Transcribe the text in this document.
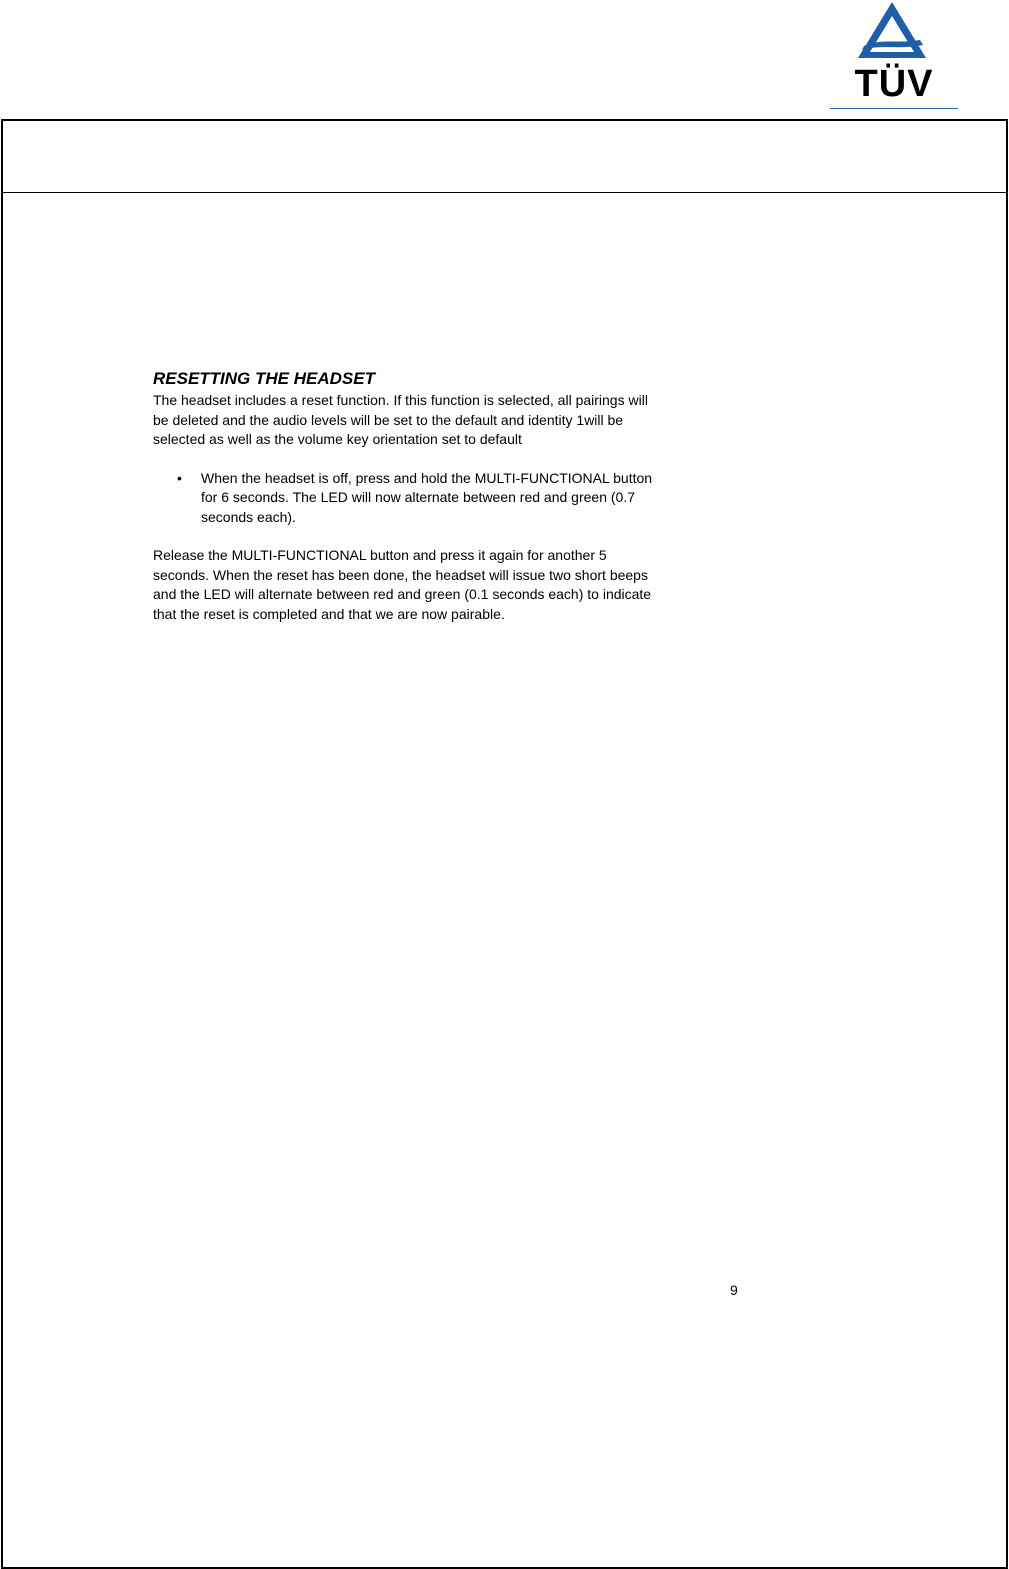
TÜV
RESETTING THE HEADSET

The headset includes a reset function. If this function is selected, all pairings will

be deleted and the audio levels will be set to the default and identity 1will be

selected as well as the volume key orientation set to default

• When the headset is off, press and hold the MULTI-FUNCTIONAL button
for 6 seconds. The LED will now alternate between red and green (0.7
seconds each).

Release the MULTI-FUNCTIONAL button and press it again for another 5

seconds. When the reset has been done, the headset will issue two short beeps

and the LED will alternate between red and green (0.1 seconds each) to indicate

that the reset is completed and that we are now pairable.

9
